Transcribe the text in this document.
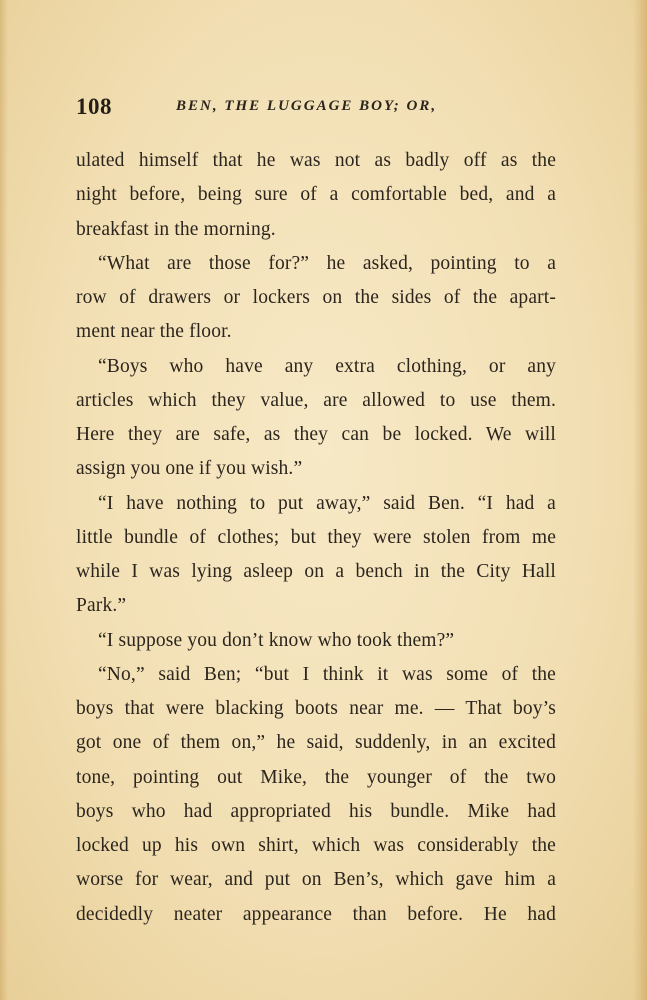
108	BEN, THE LUGGAGE BOY; OR,
ulated himself that he was not as badly off as the
night before, being sure of a comfortable bed, and a
breakfast in the morning.
“What are those for?” he asked, pointing to a
row of drawers or lockers on the sides of the apart-
ment near the floor.
“Boys who have any extra clothing, or any
articles which they value, are allowed to use them.
Here they are safe, as they can be locked. We will
assign you one if you wish.”
“I have nothing to put away,” said Ben. “I had a
little bundle of clothes; but they were stolen from me
while I was lying asleep on a bench in the City Hall
Park.”
“I suppose you don’t know who took them?”
“No,” said Ben; “but I think it was some of the
boys that were blacking boots near me. — That boy’s
got one of them on,” he said, suddenly, in an excited
tone, pointing out Mike, the younger of the two
boys who had appropriated his bundle. Mike had
locked up his own shirt, which was considerably the
worse for wear, and put on Ben’s, which gave him a
decidedly neater appearance than before. He had
